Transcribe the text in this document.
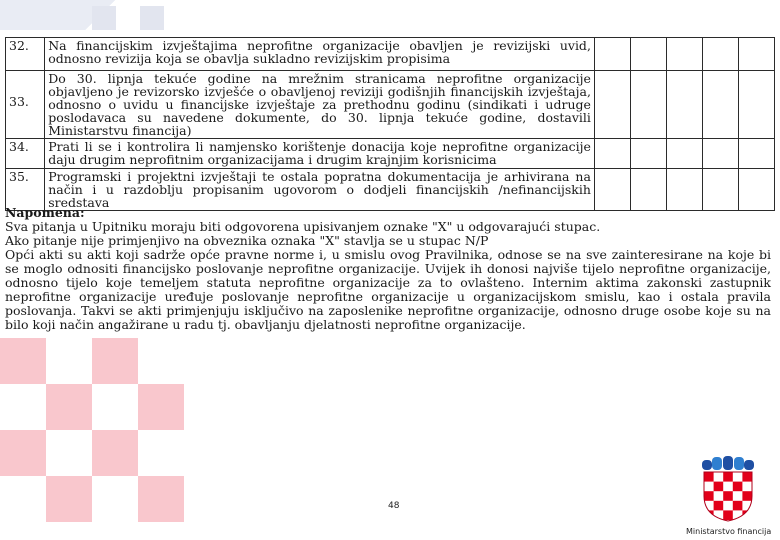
32.	Na financijskim izvještajima neprofitne organizacije obavljen je revizijski uvid, odnosno revizija koja se obavlja sukladno revizijskim propisima					
33.	Do 30. lipnja tekuće godine na mrežnim stranicama neprofitne organizacije objavljeno je revizorsko izvješće o obavljenoj reviziji godišnjih financijskih izvještaja, odnosno o uvidu u financijske izvještaje za prethodnu godinu (sindikati i udruge poslodavaca su navedene dokumente, do 30. lipnja tekuće godine, dostavili Ministarstvu financija)					
34.	Prati li se i kontrolira li namjensko korištenje donacija koje neprofitne organizacije daju drugim neprofitnim organizacijama i drugim krajnjim korisnicima					
35.	Programski i projektni izvještaji te ostala popratna dokumentacija je arhivirana na način i u razdoblju propisanim ugovorom o dodjeli financijskih /nefinancijskih sredstava					

Napomena:

Sva pitanja u Upitniku moraju biti odgovorena upisivanjem oznake "X" u odgovarajući stupac.

Ako pitanje nije primjenjivo na obveznika oznaka "X" stavlja se u stupac N/P

Opći akti su akti koji sadrže opće pravne norme i, u smislu ovog Pravilnika, odnose se na sve zainteresirane na koje bi se moglo odnositi financijsko poslovanje neprofitne organizacije. Uvijek ih donosi najviše tijelo neprofitne organizacije, odnosno tijelo koje temeljem statuta neprofitne organizacije za to ovlašteno. Internim aktima zakonski zastupnik neprofitne organizacije uređuje poslovanje neprofitne organizacije u organizacijskom smislu, kao i ostala pravila poslovanja. Takvi se akti primjenjuju isključivo na zaposlenike neprofitne organizacije, odnosno druge osobe koje su na bilo koji način angažirane u radu tj. obavljanju djelatnosti neprofitne organizacije.

48
Ministarstvo financija
